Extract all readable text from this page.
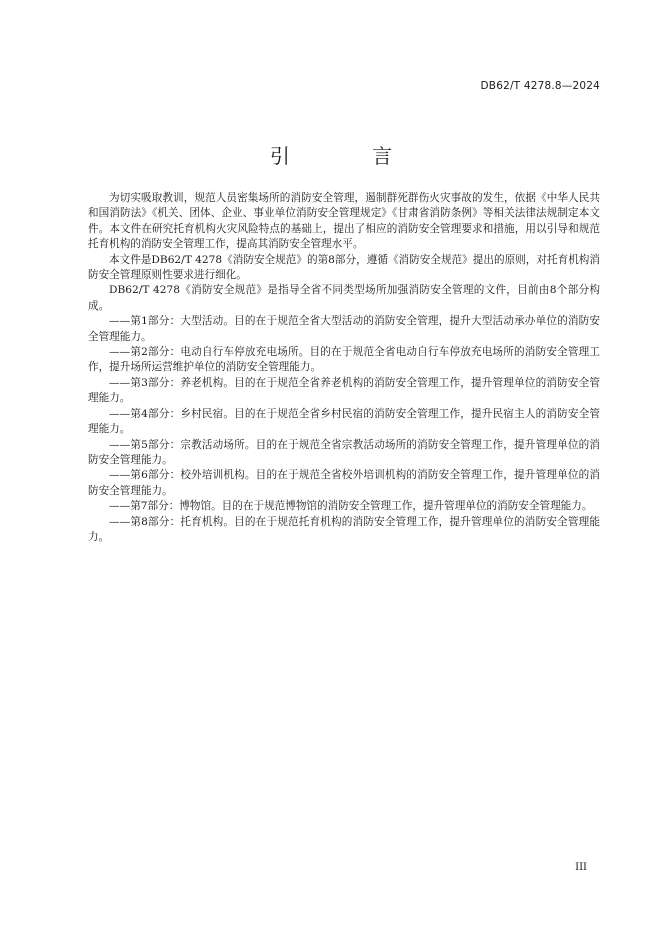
DB62/T 4278.8—2024
引 言

为切实吸取教训，规范人员密集场所的消防安全管理，遏制群死群伤火灾事故的发生，依据《中华人民共和国消防法》《机关、团体、企业、事业单位消防安全管理规定》《甘肃省消防条例》等相关法律法规制定本文件。本文件在研究托育机构火灾风险特点的基础上，提出了相应的消防安全管理要求和措施，用以引导和规范托育机构的消防安全管理工作，提高其消防安全管理水平。

本文件是DB62/T 4278《消防安全规范》的第8部分，遵循《消防安全规范》提出的原则，对托育机构消防安全管理原则性要求进行细化。

DB62/T 4278《消防安全规范》是指导全省不同类型场所加强消防安全管理的文件，目前由8个部分构成。

——第1部分：大型活动。目的在于规范全省大型活动的消防安全管理，提升大型活动承办单位的消防安全管理能力。

——第2部分：电动自行车停放充电场所。目的在于规范全省电动自行车停放充电场所的消防安全管理工作，提升场所运营维护单位的消防安全管理能力。

——第3部分：养老机构。目的在于规范全省养老机构的消防安全管理工作，提升管理单位的消防安全管理能力。

——第4部分：乡村民宿。目的在于规范全省乡村民宿的消防安全管理工作，提升民宿主人的消防安全管理能力。

——第5部分：宗教活动场所。目的在于规范全省宗教活动场所的消防安全管理工作，提升管理单位的消防安全管理能力。

——第6部分：校外培训机构。目的在于规范全省校外培训机构的消防安全管理工作，提升管理单位的消防安全管理能力。

——第7部分：博物馆。目的在于规范博物馆的消防安全管理工作，提升管理单位的消防安全管理能力。

——第8部分：托育机构。目的在于规范托育机构的消防安全管理工作，提升管理单位的消防安全管理能力。

III
